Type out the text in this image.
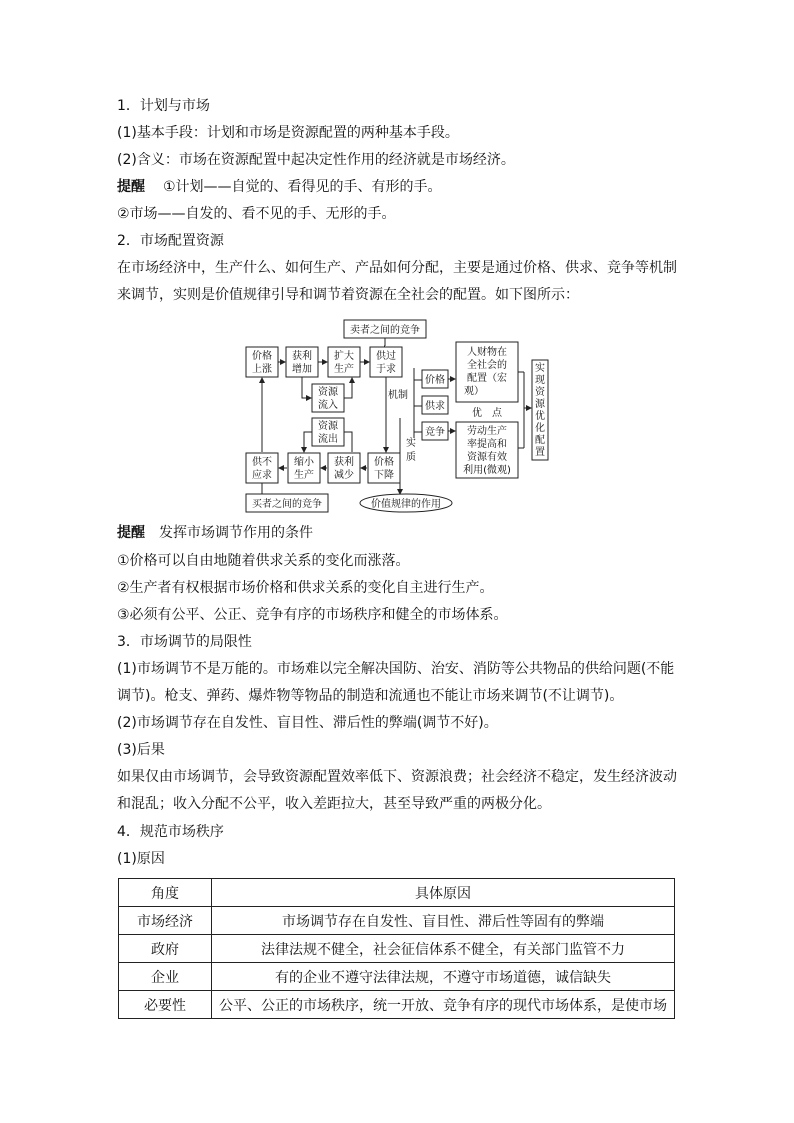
1．计划与市场
(1)基本手段：计划和市场是资源配置的两种基本手段。
(2)含义：市场在资源配置中起决定性作用的经济就是市场经济。
提醒 ①计划——自觉的、看得见的手、有形的手。
②市场——自发的、看不见的手、无形的手。
2．市场配置资源
在市场经济中，生产什么、如何生产、产品如何分配，主要是通过价格、供求、竞争等机制来调节，实则是价值规律引导和调节着资源在全社会的配置。如下图所示：
卖者之间的竞争
价格
上涨
获利
增加
扩大
生产
供过
于求
资源
流入
资源
流出
供不
应求
缩小
生产
获利
减少
价格
下降
买者之间的竞争
机制
价格
供求
竞争
人财物在
全社会的
配置（宏
观）
优 点
劳动生产
率提高和
资源有效
利用(微观)
实
现
资
源
优
化
配
置
实
质
价值规律的作用
提醒 发挥市场调节作用的条件
①价格可以自由地随着供求关系的变化而涨落。
②生产者有权根据市场价格和供求关系的变化自主进行生产。
③必须有公平、公正、竞争有序的市场秩序和健全的市场体系。
3．市场调节的局限性
(1)市场调节不是万能的。市场难以完全解决国防、治安、消防等公共物品的供给问题(不能调节)。枪支、弹药、爆炸物等物品的制造和流通也不能让市场来调节(不让调节)。
(2)市场调节存在自发性、盲目性、滞后性的弊端(调节不好)。
(3)后果
如果仅由市场调节，会导致资源配置效率低下、资源浪费；社会经济不稳定，发生经济波动和混乱；收入分配不公平，收入差距拉大，甚至导致严重的两极分化。
4．规范市场秩序
(1)原因
角度	具体原因
市场经济	市场调节存在自发性、盲目性、滞后性等固有的弊端
政府	法律法规不健全，社会征信体系不健全，有关部门监管不力
企业	有的企业不遵守法律法规，不遵守市场道德，诚信缺失
必要性	公平、公正的市场秩序，统一开放、竞争有序的现代市场体系，是使市场
